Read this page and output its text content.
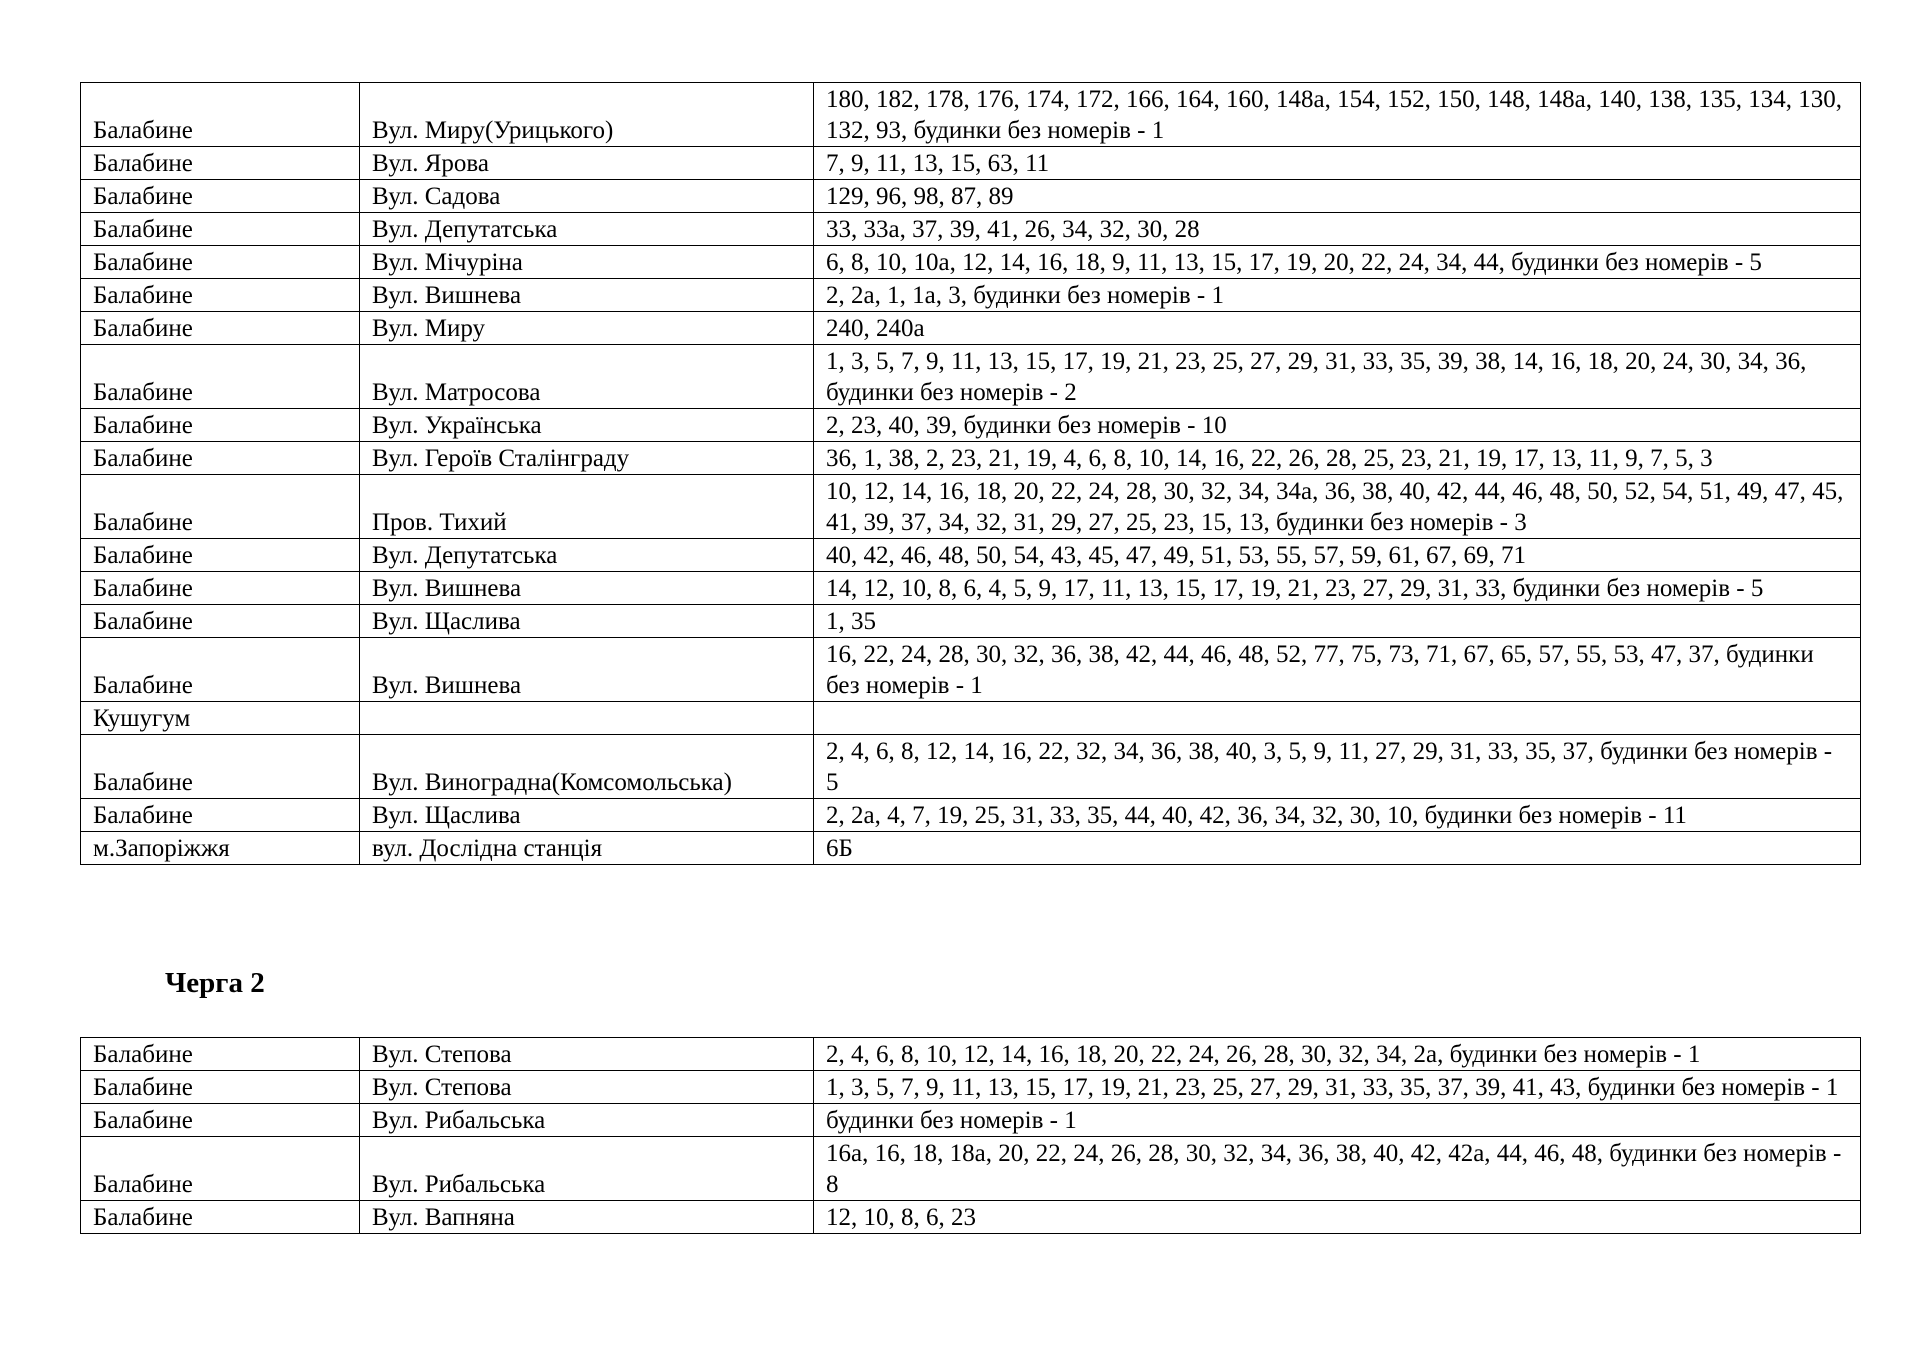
Балабине	Вул. Миру(Урицького)	180, 182, 178, 176, 174, 172, 166, 164, 160, 148а, 154, 152, 150, 148, 148а, 140, 138, 135, 134, 130, 132, 93, будинки без номерів - 1
Балабине	Вул. Ярова	7, 9, 11, 13, 15, 63, 11
Балабине	Вул. Садова	129, 96, 98, 87, 89
Балабине	Вул. Депутатська	33, 33а, 37, 39, 41, 26, 34, 32, 30, 28
Балабине	Вул. Мічуріна	6, 8, 10, 10а, 12, 14, 16, 18, 9, 11, 13, 15, 17, 19, 20, 22, 24, 34, 44, будинки без номерів - 5
Балабине	Вул. Вишнева	2, 2а, 1, 1а, 3, будинки без номерів - 1
Балабине	Вул. Миру	240, 240а
Балабине	Вул. Матросова	1, 3, 5, 7, 9, 11, 13, 15, 17, 19, 21, 23, 25, 27, 29, 31, 33, 35, 39, 38, 14, 16, 18, 20, 24, 30, 34, 36, будинки без номерів - 2
Балабине	Вул. Українська	2, 23, 40, 39, будинки без номерів - 10
Балабине	Вул. Героїв Сталінграду	36, 1, 38, 2, 23, 21, 19, 4, 6, 8, 10, 14, 16, 22, 26, 28, 25, 23, 21, 19, 17, 13, 11, 9, 7, 5, 3
Балабине	Пров. Тихий	10, 12, 14, 16, 18, 20, 22, 24, 28, 30, 32, 34, 34а, 36, 38, 40, 42, 44, 46, 48, 50, 52, 54, 51, 49, 47, 45, 41, 39, 37, 34, 32, 31, 29, 27, 25, 23, 15, 13, будинки без номерів - 3
Балабине	Вул. Депутатська	40, 42, 46, 48, 50, 54, 43, 45, 47, 49, 51, 53, 55, 57, 59, 61, 67, 69, 71
Балабине	Вул. Вишнева	14, 12, 10, 8, 6, 4, 5, 9, 17, 11, 13, 15, 17, 19, 21, 23, 27, 29, 31, 33, будинки без номерів - 5
Балабине	Вул. Щаслива	1, 35
Балабине	Вул. Вишнева	16, 22, 24, 28, 30, 32, 36, 38, 42, 44, 46, 48, 52, 77, 75, 73, 71, 67, 65, 57, 55, 53, 47, 37, будинки без номерів - 1
Кушугум		
Балабине	Вул. Виноградна(Комсомольська)	2, 4, 6, 8, 12, 14, 16, 22, 32, 34, 36, 38, 40, 3, 5, 9, 11, 27, 29, 31, 33, 35, 37, будинки без номерів - 5
Балабине	Вул. Щаслива	2, 2а, 4, 7, 19, 25, 31, 33, 35, 44, 40, 42, 36, 34, 32, 30, 10, будинки без номерів - 11
м.Запоріжжя	вул. Дослідна станція	6Б
Черга 2
Балабине	Вул. Степова	2, 4, 6, 8, 10, 12, 14, 16, 18, 20, 22, 24, 26, 28, 30, 32, 34, 2а, будинки без номерів - 1
Балабине	Вул. Степова	1, 3, 5, 7, 9, 11, 13, 15, 17, 19, 21, 23, 25, 27, 29, 31, 33, 35, 37, 39, 41, 43, будинки без номерів - 1
Балабине	Вул. Рибальська	будинки без номерів - 1
Балабине	Вул. Рибальська	16а, 16, 18, 18а, 20, 22, 24, 26, 28, 30, 32, 34, 36, 38, 40, 42, 42а, 44, 46, 48, будинки без номерів - 8
Балабине	Вул. Вапняна	12, 10, 8, 6, 23
